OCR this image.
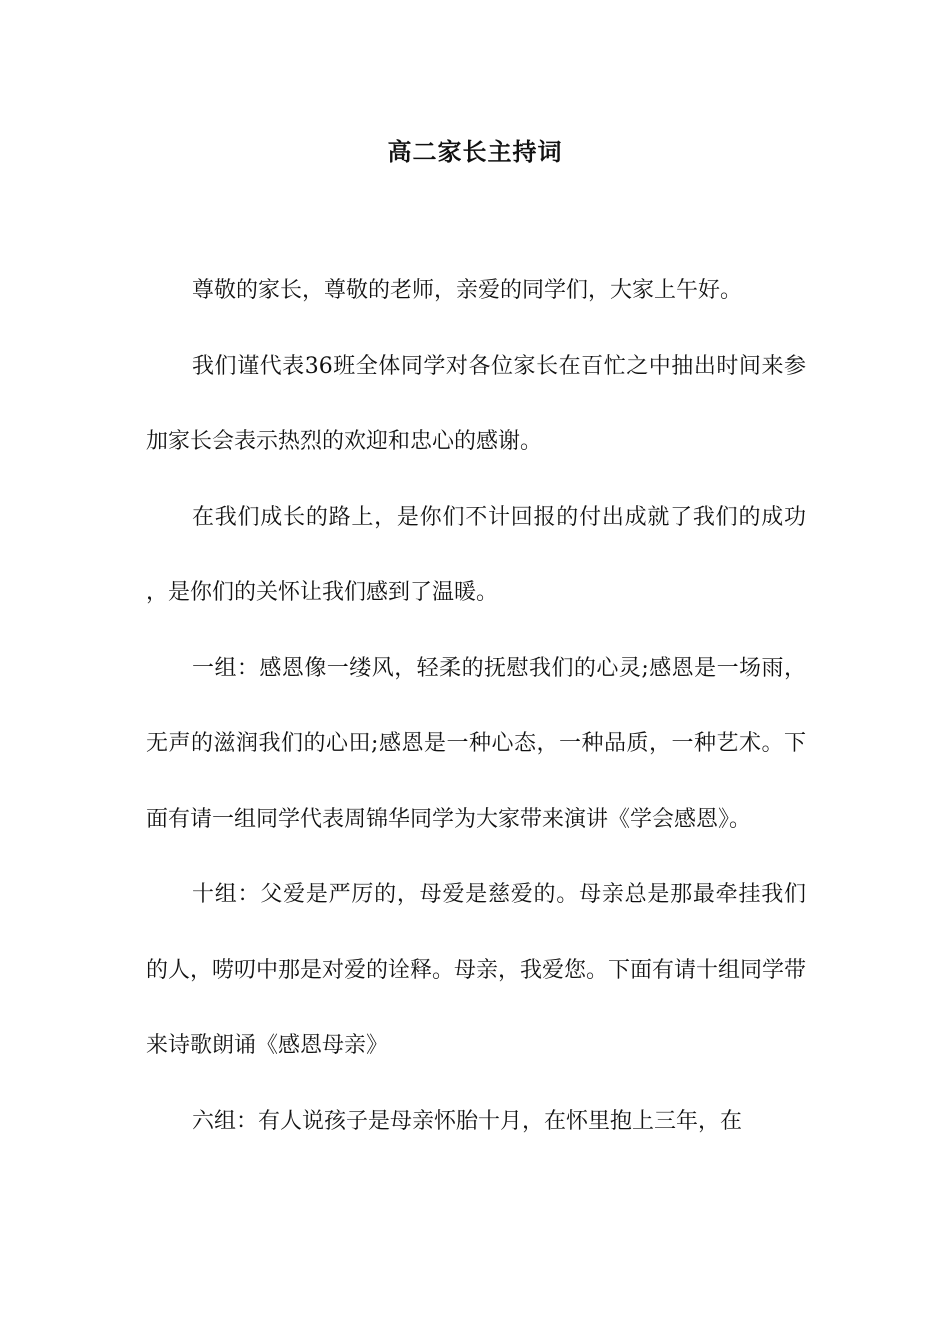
高二家长主持词

尊敬的家长，尊敬的老师，亲爱的同学们，大家上午好。

我们谨代表36班全体同学对各位家长在百忙之中抽出时间来参加家长会表示热烈的欢迎和忠心的感谢。

在我们成长的路上，是你们不计回报的付出成就了我们的成功，是你们的关怀让我们感到了温暖。

一组：感恩像一缕风，轻柔的抚慰我们的心灵;感恩是一场雨，无声的滋润我们的心田;感恩是一种心态，一种品质，一种艺术。下面有请一组同学代表周锦华同学为大家带来演讲《学会感恩》。

十组：父爱是严厉的，母爱是慈爱的。母亲总是那最牵挂我们的人，唠叨中那是对爱的诠释。母亲，我爱您。下面有请十组同学带来诗歌朗诵《感恩母亲》

六组：有人说孩子是母亲怀胎十月，在怀里抱上三年，在
